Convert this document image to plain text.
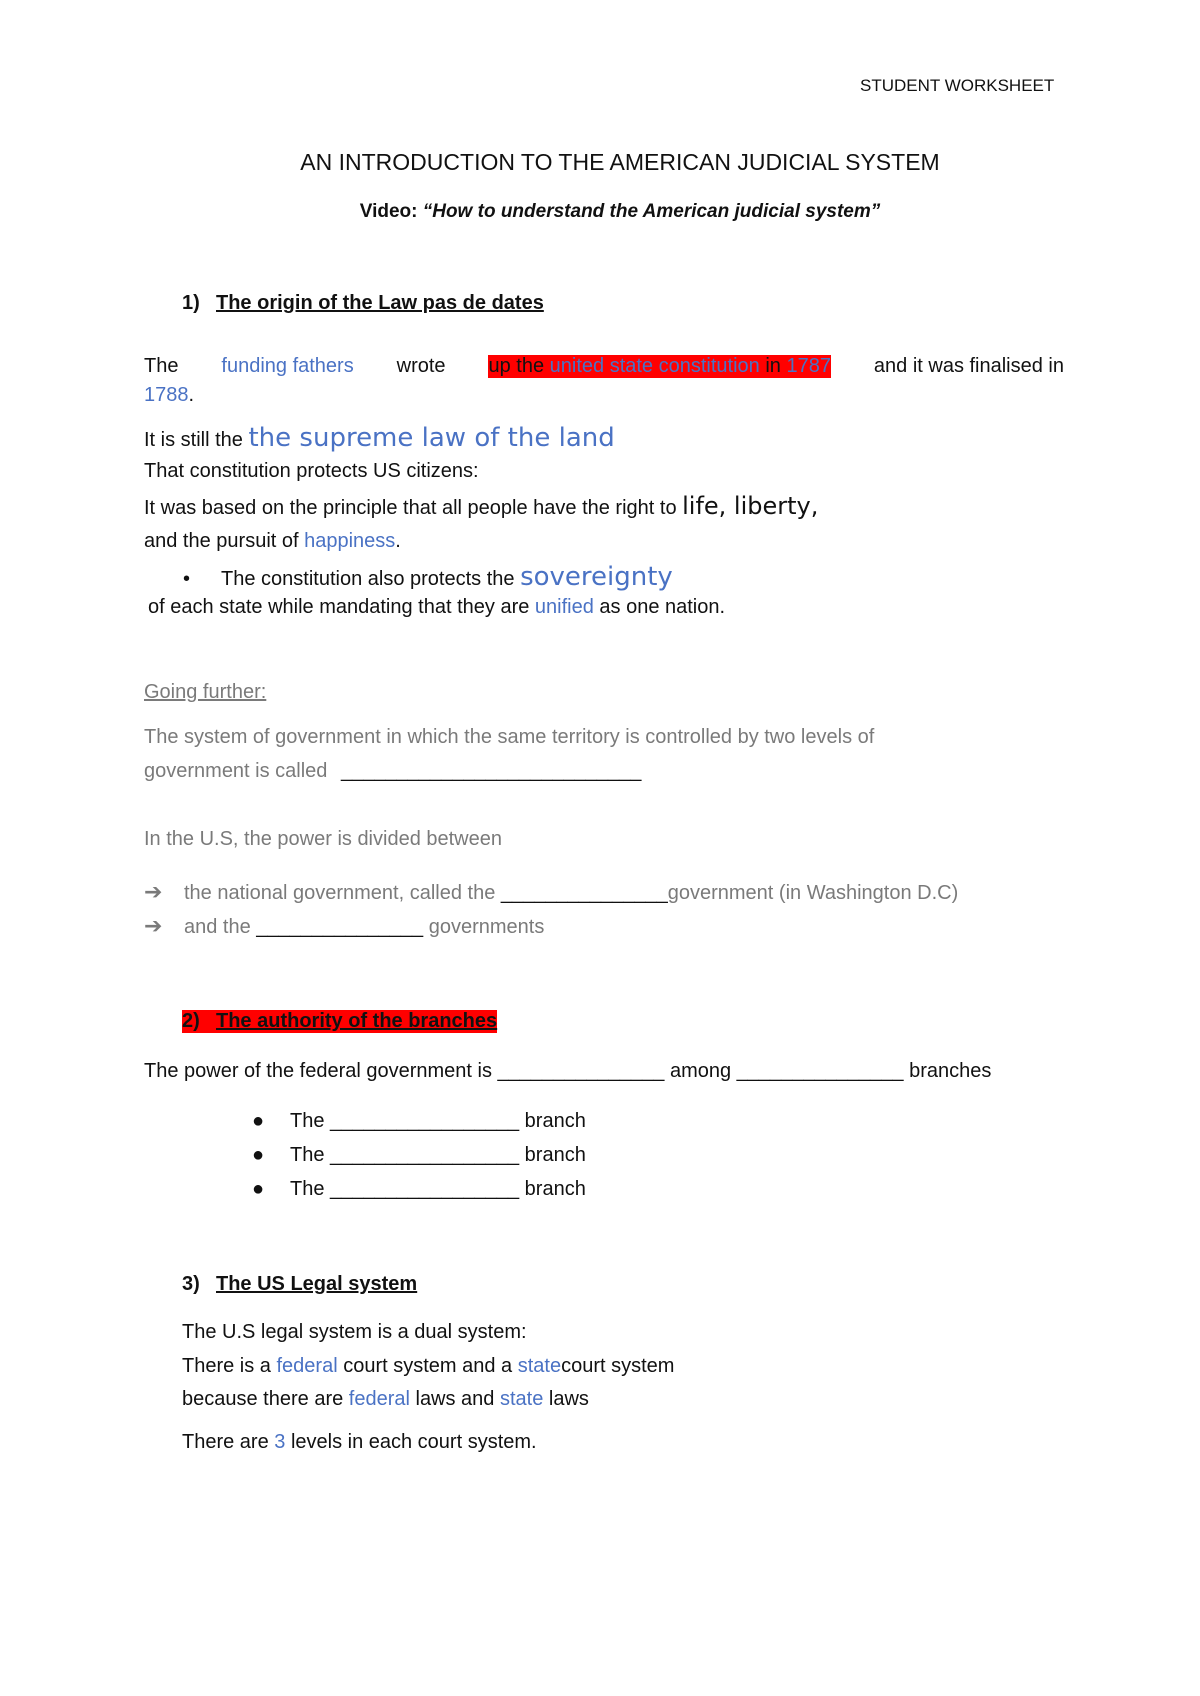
STUDENT WORKSHEET
AN INTRODUCTION TO THE AMERICAN JUDICIAL SYSTEM
Video: “How to understand the American judicial system”
1) The origin of the Law pas de dates
The funding fathers wrote up the united state constitution in 1787 and it was finalised in
1788.
It is still the the supreme law of the land
That constitution protects US citizens:
It was based on the principle that all people have the right to life, liberty,
and the pursuit of happiness.
• The constitution also protects the sovereignty
of each state while mandating that they are unified as one nation.
Going further:
The system of government in which the same territory is controlled by two levels of
government is called ___________________________
In the U.S, the power is divided between
➔ the national government, called the _______________government (in Washington D.C)
➔ and the _______________ governments
2) The authority of the branches
The power of the federal government is _______________ among _______________ branches
● The _________________ branch
● The _________________ branch
● The _________________ branch
3) The US Legal system
The U.S legal system is a dual system:
There is a federal court system and a statecourt system
because there are federal laws and state laws
There are 3 levels in each court system.
